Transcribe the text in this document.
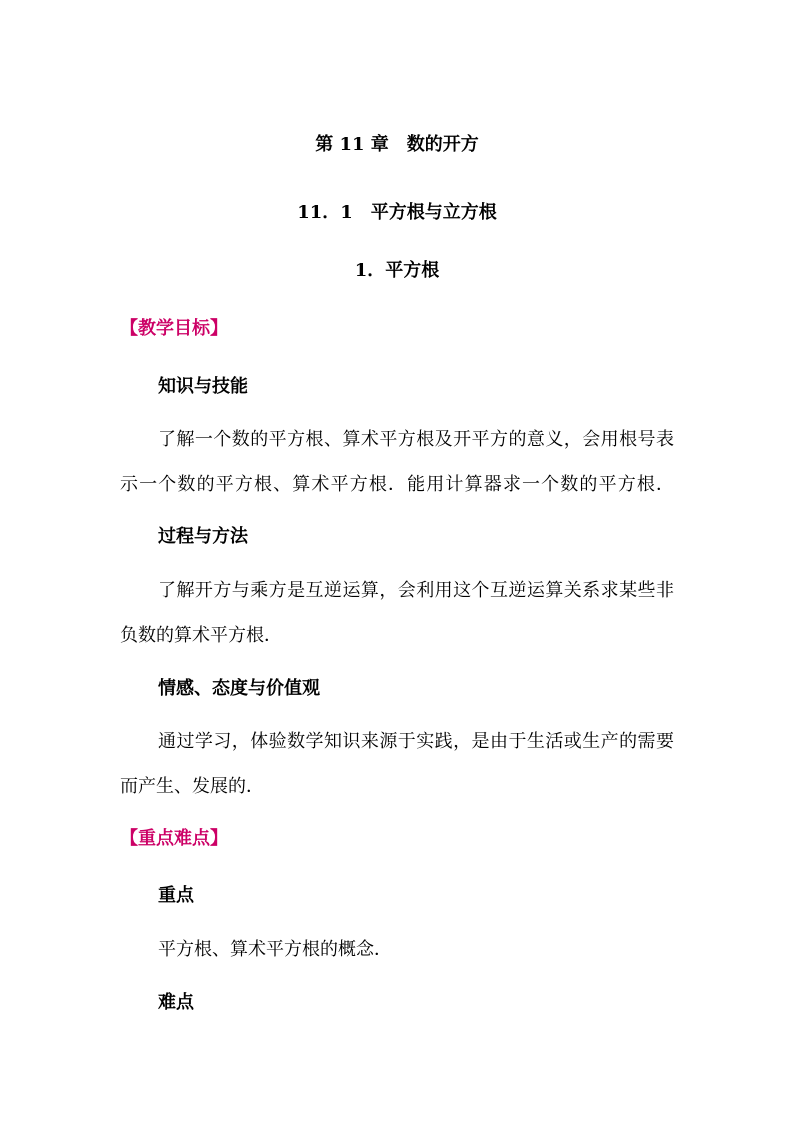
第 11 章　数的开方
11．1　平方根与立方根
1．平方根
【教学目标】
知识与技能
了解一个数的平方根、算术平方根及开平方的意义，会用根号表
示一个数的平方根、算术平方根．能用计算器求一个数的平方根．
过程与方法
了解开方与乘方是互逆运算，会利用这个互逆运算关系求某些非
负数的算术平方根．
情感、态度与价值观
通过学习，体验数学知识来源于实践，是由于生活或生产的需要
而产生、发展的．
【重点难点】
重点
平方根、算术平方根的概念．
难点
